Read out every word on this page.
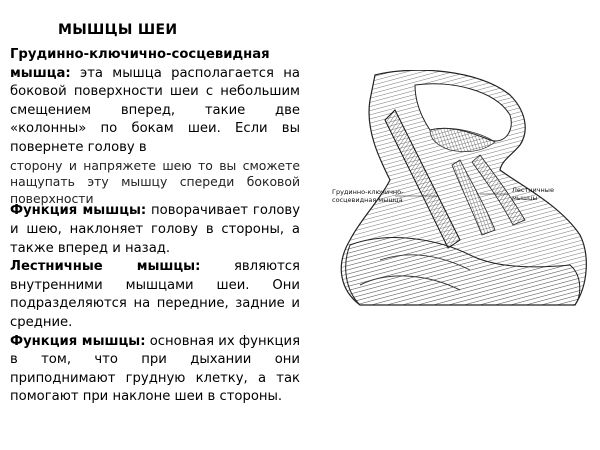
МЫШЦЫ ШЕИ

Грудинно-ключично-сосцевидная мышца: эта мышца располагается на боковой поверхности шеи с небольшим смещением вперед, такие две «колонны» по бокам шеи. Если вы повернете голову в

сторону и напряжете шею то вы сможете нащупать эту мышцу спереди боковой поверхности

Функция мышцы: поворачивает голову и шею, наклоняет голову в стороны, а также вперед и назад.

Лестничные мышцы: являются внутренними мышцами шеи. Они подразделяются на передние, задние и средние.

Функция мышцы: основная их функция в том, что при дыхании они приподнимают грудную клетку, а так помогают при наклоне шеи в стороны.

Грудинно-ключично-
сосцевидная мышца
Лестничные
мышцы
